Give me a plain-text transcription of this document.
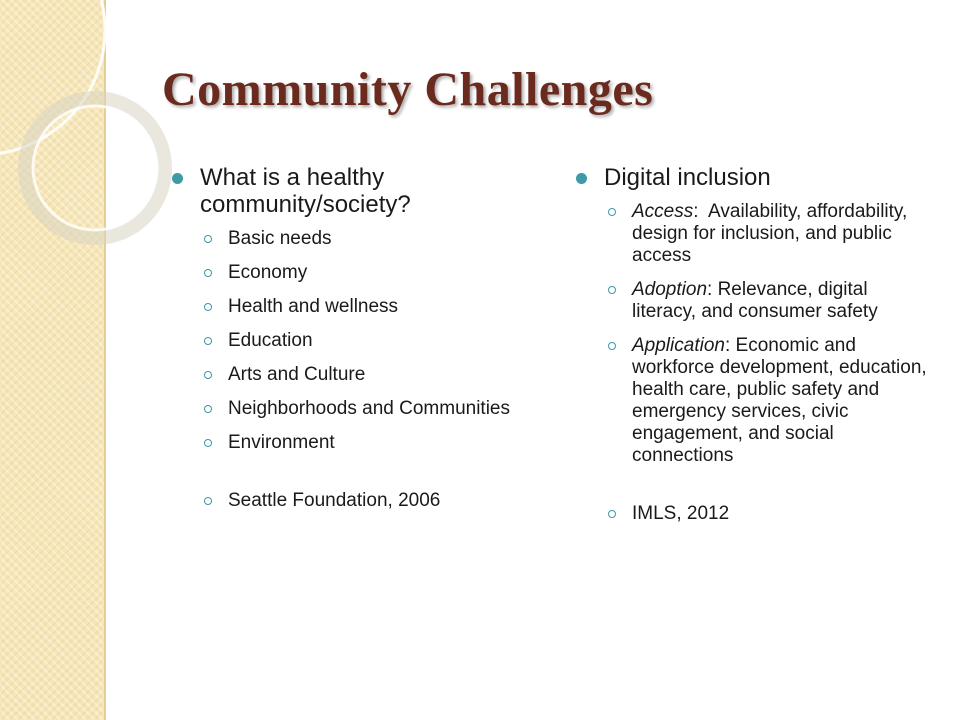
Community Challenges
What is a healthy community/society?
Basic needs
Economy
Health and wellness
Education
Arts and Culture
Neighborhoods and Communities
Environment
Seattle Foundation, 2006
Digital inclusion
Access:  Availability, affordability, design for inclusion, and public access
Adoption: Relevance, digital literacy, and consumer safety
Application: Economic and workforce development, education, health care, public safety and emergency services, civic engagement, and social connections
IMLS, 2012
